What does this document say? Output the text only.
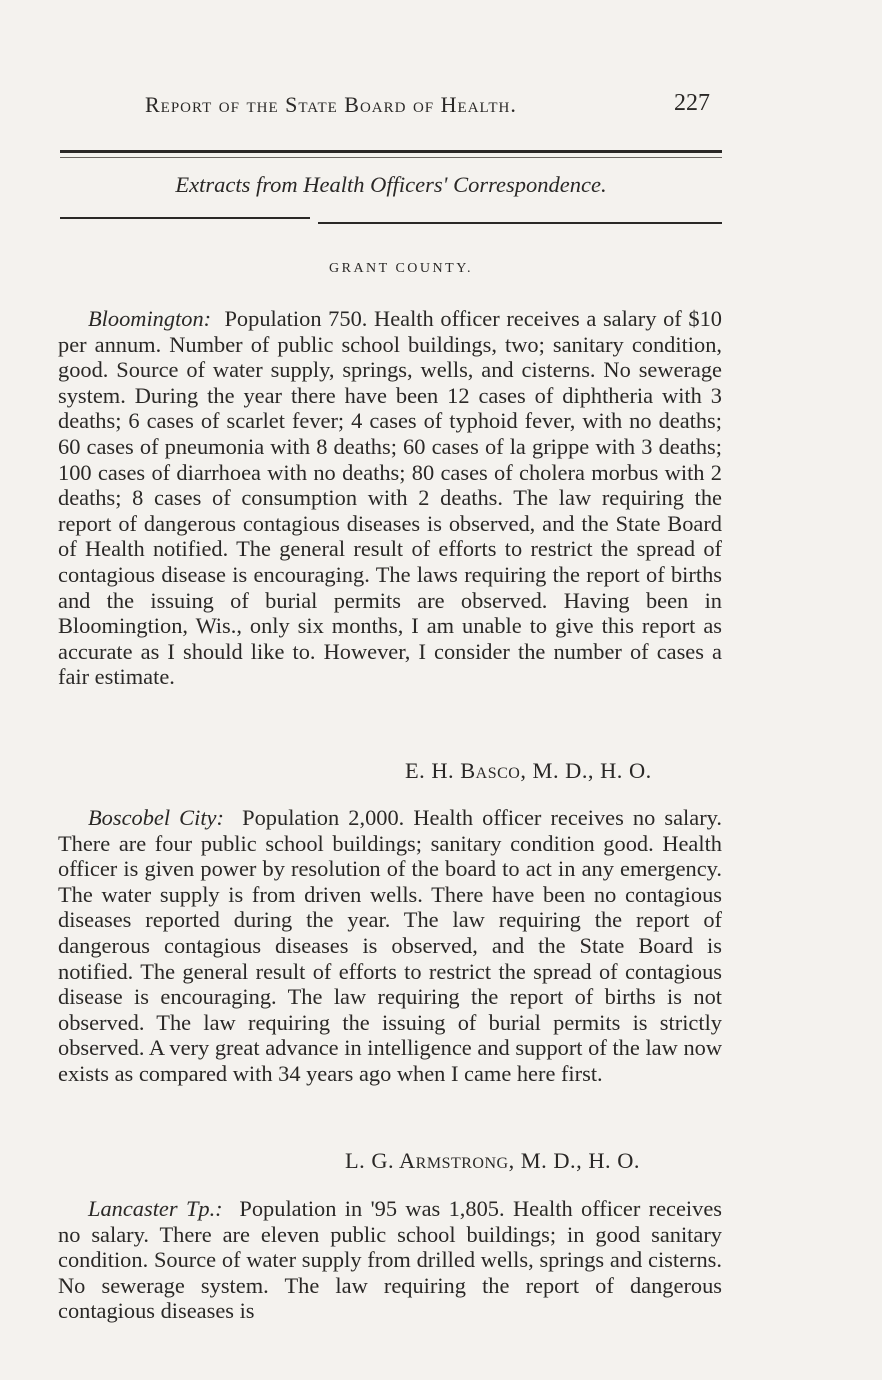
Report of the State Board of Health.	227
Extracts from Health Officers' Correspondence.
GRANT COUNTY.

Bloomington: Population 750. Health officer receives a salary of $10 per annum. Number of public school buildings, two; sanitary condition, good. Source of water supply, springs, wells, and cisterns. No sewerage system. During the year there have been 12 cases of diphtheria with 3 deaths; 6 cases of scarlet fever; 4 cases of typhoid fever, with no deaths; 60 cases of pneumonia with 8 deaths; 60 cases of la grippe with 3 deaths; 100 cases of diarrhoea with no deaths; 80 cases of cholera morbus with 2 deaths; 8 cases of consumption with 2 deaths. The law requiring the report of dangerous contagious diseases is observed, and the State Board of Health notified. The general result of efforts to restrict the spread of contagious disease is encouraging. The laws requiring the report of births and the issuing of burial permits are observed. Having been in Bloomingtion, Wis., only six months, I am unable to give this report as accurate as I should like to. However, I consider the number of cases a fair estimate.

E. H. Basco, M. D., H. O.

Boscobel City: Population 2,000. Health officer receives no salary. There are four public school buildings; sanitary condition good. Health officer is given power by resolution of the board to act in any emergency. The water supply is from driven wells. There have been no contagious diseases reported during the year. The law requiring the report of dangerous contagious diseases is observed, and the State Board is notified. The general result of efforts to restrict the spread of contagious disease is encouraging. The law requiring the report of births is not observed. The law requiring the issuing of burial permits is strictly observed. A very great advance in intelligence and support of the law now exists as compared with 34 years ago when I came here first.

L. G. Armstrong, M. D., H. O.

Lancaster Tp.: Population in '95 was 1,805. Health officer receives no salary. There are eleven public school buildings; in good sanitary condition. Source of water supply from drilled wells, springs and cisterns. No sewerage system. The law requiring the report of dangerous contagious diseases is
